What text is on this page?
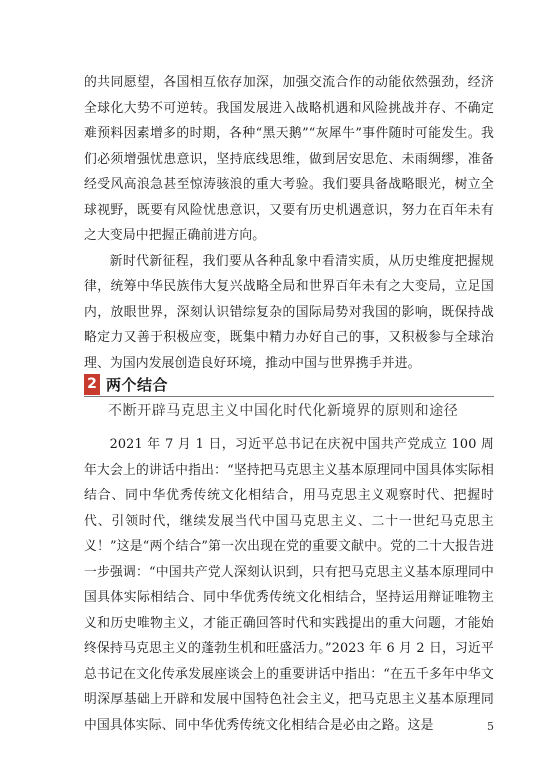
的共同愿望，各国相互依存加深，加强交流合作的动能依然强劲，经济全球化大势不可逆转。我国发展进入战略机遇和风险挑战并存、不确定难预料因素增多的时期，各种“黑天鹅”“灰犀牛”事件随时可能发生。我们必须增强忧患意识，坚持底线思维，做到居安思危、未雨绸缪，准备经受风高浪急甚至惊涛骇浪的重大考验。我们要具备战略眼光，树立全球视野，既要有风险忧患意识，又要有历史机遇意识，努力在百年未有之大变局中把握正确前进方向。

新时代新征程，我们要从各种乱象中看清实质，从历史维度把握规律，统筹中华民族伟大复兴战略全局和世界百年未有之大变局，立足国内，放眼世界，深刻认识错综复杂的国际局势对我国的影响，既保持战略定力又善于积极应变，既集中精力办好自己的事，又积极参与全球治理、为国内发展创造良好环境，推动中国与世界携手并进。

2 两个结合
不断开辟马克思主义中国化时代化新境界的原则和途径

2021 年 7 月 1 日，习近平总书记在庆祝中国共产党成立 100 周年大会上的讲话中指出：“坚持把马克思主义基本原理同中国具体实际相结合、同中华优秀传统文化相结合，用马克思主义观察时代、把握时代、引领时代，继续发展当代中国马克思主义、二十一世纪马克思主义！”这是“两个结合”第一次出现在党的重要文献中。党的二十大报告进一步强调：“中国共产党人深刻认识到，只有把马克思主义基本原理同中国具体实际相结合、同中华优秀传统文化相结合，坚持运用辩证唯物主义和历史唯物主义，才能正确回答时代和实践提出的重大问题，才能始终保持马克思主义的蓬勃生机和旺盛活力。”2023 年 6 月 2 日，习近平总书记在文化传承发展座谈会上的重要讲话中指出：“在五千多年中华文明深厚基础上开辟和发展中国特色社会主义，把马克思主义基本原理同中国具体实际、同中华优秀传统文化相结合是必由之路。这是	5
